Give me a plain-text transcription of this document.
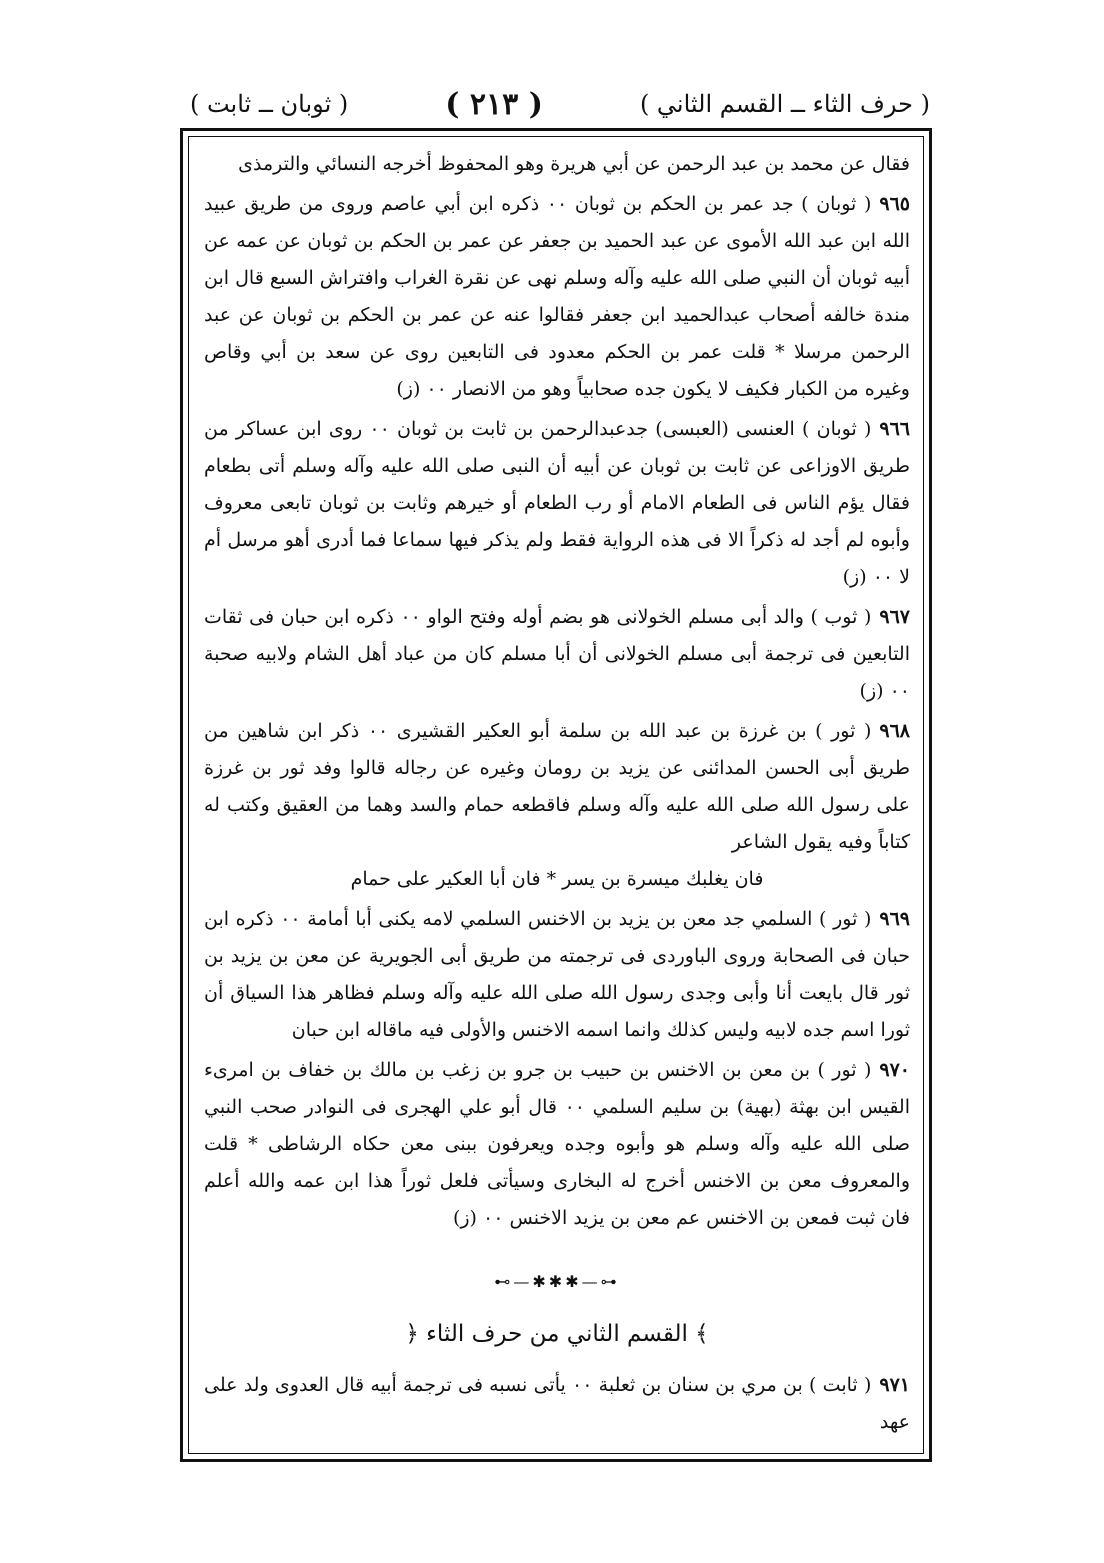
( حرف الثاء ــ القسم الثاني )
( ٢١٣ )
( ثوبان ــ ثابت )

فقال عن محمد بن عبد الرحمن عن أبي هريرة وهو المحفوظ أخرجه النسائي والترمذى

٩٦٥( ثوبان ) جد عمر بن الحكم بن ثوبان ٠٠ ذكره ابن أبي عاصم وروى من طريق عبيد الله ابن عبد الله الأموى عن عبد الحميد بن جعفر عن عمر بن الحكم بن ثوبان عن عمه عن أبيه ثوبان أن النبي صلى الله عليه وآله وسلم نهى عن نقرة الغراب وافتراش السبع قال ابن مندة خالفه أصحاب عبدالحميد ابن جعفر فقالوا عنه عن عمر بن الحكم بن ثوبان عن عبد الرحمن مرسلا * قلت عمر بن الحكم معدود فى التابعين روى عن سعد بن أبي وقاص وغيره من الكبار فكيف لا يكون جده صحابياً وهو من الانصار ٠٠ (ز)

٩٦٦( ثوبان ) العنسى (العبسى) جدعبدالرحمن بن ثابت بن ثوبان ٠٠ روى ابن عساكر من طريق الاوزاعى عن ثابت بن ثوبان عن أبيه أن النبى صلى الله عليه وآله وسلم أتى بطعام فقال يؤم الناس فى الطعام الامام أو رب الطعام أو خيرهم وثابت بن ثوبان تابعى معروف وأبوه لم أجد له ذكراً الا فى هذه الرواية فقط ولم يذكر فيها سماعا فما أدرى أهو مرسل أم لا ٠٠ (ز)

٩٦٧( ثوب ) والد أبى مسلم الخولانى هو بضم أوله وفتح الواو ٠٠ ذكره ابن حبان فى ثقات التابعين فى ترجمة أبى مسلم الخولانى أن أبا مسلم كان من عباد أهل الشام ولابيه صحبة ٠٠ (ز)

٩٦٨( ثور ) بن غرزة بن عبد الله بن سلمة أبو العكير القشيرى ٠٠ ذكر ابن شاهين من طريق أبى الحسن المدائنى عن يزيد بن رومان وغيره عن رجاله قالوا وفد ثور بن غرزة على رسول الله صلى الله عليه وآله وسلم فاقطعه حمام والسد وهما من العقيق وكتب له كتاباً وفيه يقول الشاعر

فان يغلبك ميسرة بن يسر * فان أبا العكير على حمام

٩٦٩( ثور ) السلمي جد معن بن يزيد بن الاخنس السلمي لامه يكنى أبا أمامة ٠٠ ذكره ابن حبان فى الصحابة وروى الباوردى فى ترجمته من طريق أبى الجويرية عن معن بن يزيد بن ثور قال بايعت أنا وأبى وجدى رسول الله صلى الله عليه وآله وسلم فظاهر هذا السياق أن ثورا اسم جده لابيه وليس كذلك وانما اسمه الاخنس والأولى فيه ماقاله ابن حبان

٩٧٠( ثور ) بن معن بن الاخنس بن حبيب بن جرو بن زغب بن مالك بن خفاف بن امرىء القيس ابن بهثة (بهية) بن سليم السلمي ٠٠ قال أبو علي الهجرى فى النوادر صحب النبي صلى الله عليه وآله وسلم هو وأبوه وجده ويعرفون ببنى معن حكاه الرشاطى * قلت والمعروف معن بن الاخنس أخرج له البخارى وسيأتى فلعل ثوراً هذا ابن عمه والله أعلم فان ثبت فمعن بن الاخنس عم معن بن يزيد الاخنس ٠٠ (ز)

⊷—✱✱✱—⊶
﴾ القسم الثاني من حرف الثاء ﴿

٩٧١( ثابت ) بن مري بن سنان بن ثعلبة ٠٠ يأتى نسبه فى ترجمة أبيه قال العدوى ولد على عهد
